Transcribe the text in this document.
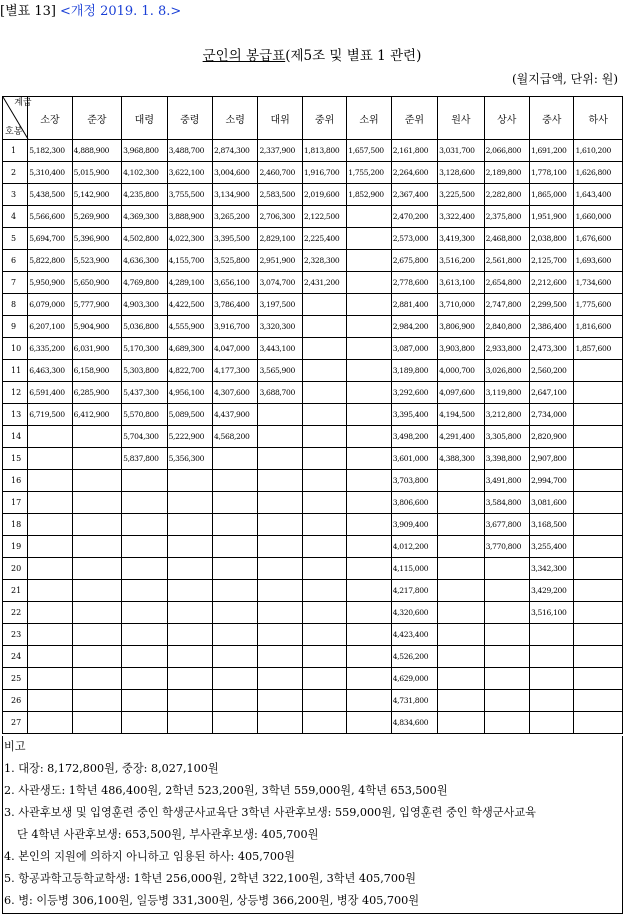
[별표 13] <개정 2019. 1. 8.>
군인의 봉급표(제5조 및 별표 1 관련)
(월지급액, 단위: 원)
계급
호봉	소장	준장	대령	중령	소령	대위	중위	소위	준위	원사	상사	중사	하사
1	5,182,300	4,888,900	3,968,800	3,488,700	2,874,300	2,337,900	1,813,800	1,657,500	2,161,800	3,031,700	2,066,800	1,691,200	1,610,200
2	5,310,400	5,015,900	4,102,300	3,622,100	3,004,600	2,460,700	1,916,700	1,755,200	2,264,600	3,128,600	2,189,800	1,778,100	1,626,800
3	5,438,500	5,142,900	4,235,800	3,755,500	3,134,900	2,583,500	2,019,600	1,852,900	2,367,400	3,225,500	2,282,800	1,865,000	1,643,400
4	5,566,600	5,269,900	4,369,300	3,888,900	3,265,200	2,706,300	2,122,500		2,470,200	3,322,400	2,375,800	1,951,900	1,660,000
5	5,694,700	5,396,900	4,502,800	4,022,300	3,395,500	2,829,100	2,225,400		2,573,000	3,419,300	2,468,800	2,038,800	1,676,600
6	5,822,800	5,523,900	4,636,300	4,155,700	3,525,800	2,951,900	2,328,300		2,675,800	3,516,200	2,561,800	2,125,700	1,693,600
7	5,950,900	5,650,900	4,769,800	4,289,100	3,656,100	3,074,700	2,431,200		2,778,600	3,613,100	2,654,800	2,212,600	1,734,600
8	6,079,000	5,777,900	4,903,300	4,422,500	3,786,400	3,197,500			2,881,400	3,710,000	2,747,800	2,299,500	1,775,600
9	6,207,100	5,904,900	5,036,800	4,555,900	3,916,700	3,320,300			2,984,200	3,806,900	2,840,800	2,386,400	1,816,600
10	6,335,200	6,031,900	5,170,300	4,689,300	4,047,000	3,443,100			3,087,000	3,903,800	2,933,800	2,473,300	1,857,600
11	6,463,300	6,158,900	5,303,800	4,822,700	4,177,300	3,565,900			3,189,800	4,000,700	3,026,800	2,560,200	
12	6,591,400	6,285,900	5,437,300	4,956,100	4,307,600	3,688,700			3,292,600	4,097,600	3,119,800	2,647,100	
13	6,719,500	6,412,900	5,570,800	5,089,500	4,437,900				3,395,400	4,194,500	3,212,800	2,734,000	
14			5,704,300	5,222,900	4,568,200				3,498,200	4,291,400	3,305,800	2,820,900	
15			5,837,800	5,356,300					3,601,000	4,388,300	3,398,800	2,907,800	
16									3,703,800		3,491,800	2,994,700	
17									3,806,600		3,584,800	3,081,600	
18									3,909,400		3,677,800	3,168,500	
19									4,012,200		3,770,800	3,255,400	
20									4,115,000			3,342,300	
21									4,217,800			3,429,200	
22									4,320,600			3,516,100	
23									4,423,400				
24									4,526,200				
25									4,629,000				
26									4,731,800				
27									4,834,600				
비고
1. 대장: 8,172,800원, 중장: 8,027,100원
2. 사관생도: 1학년 486,400원, 2학년 523,200원, 3학년 559,000원, 4학년 653,500원
3. 사관후보생 및 입영훈련 중인 학생군사교육단 3학년 사관후보생: 559,000원, 입영훈련 중인 학생군사교육
단 4학년 사관후보생: 653,500원, 부사관후보생: 405,700원
4. 본인의 지원에 의하지 아니하고 임용된 하사: 405,700원
5. 항공과학고등학교학생: 1학년 256,000원, 2학년 322,100원, 3학년 405,700원
6. 병: 이등병 306,100원, 일등병 331,300원, 상등병 366,200원, 병장 405,700원
